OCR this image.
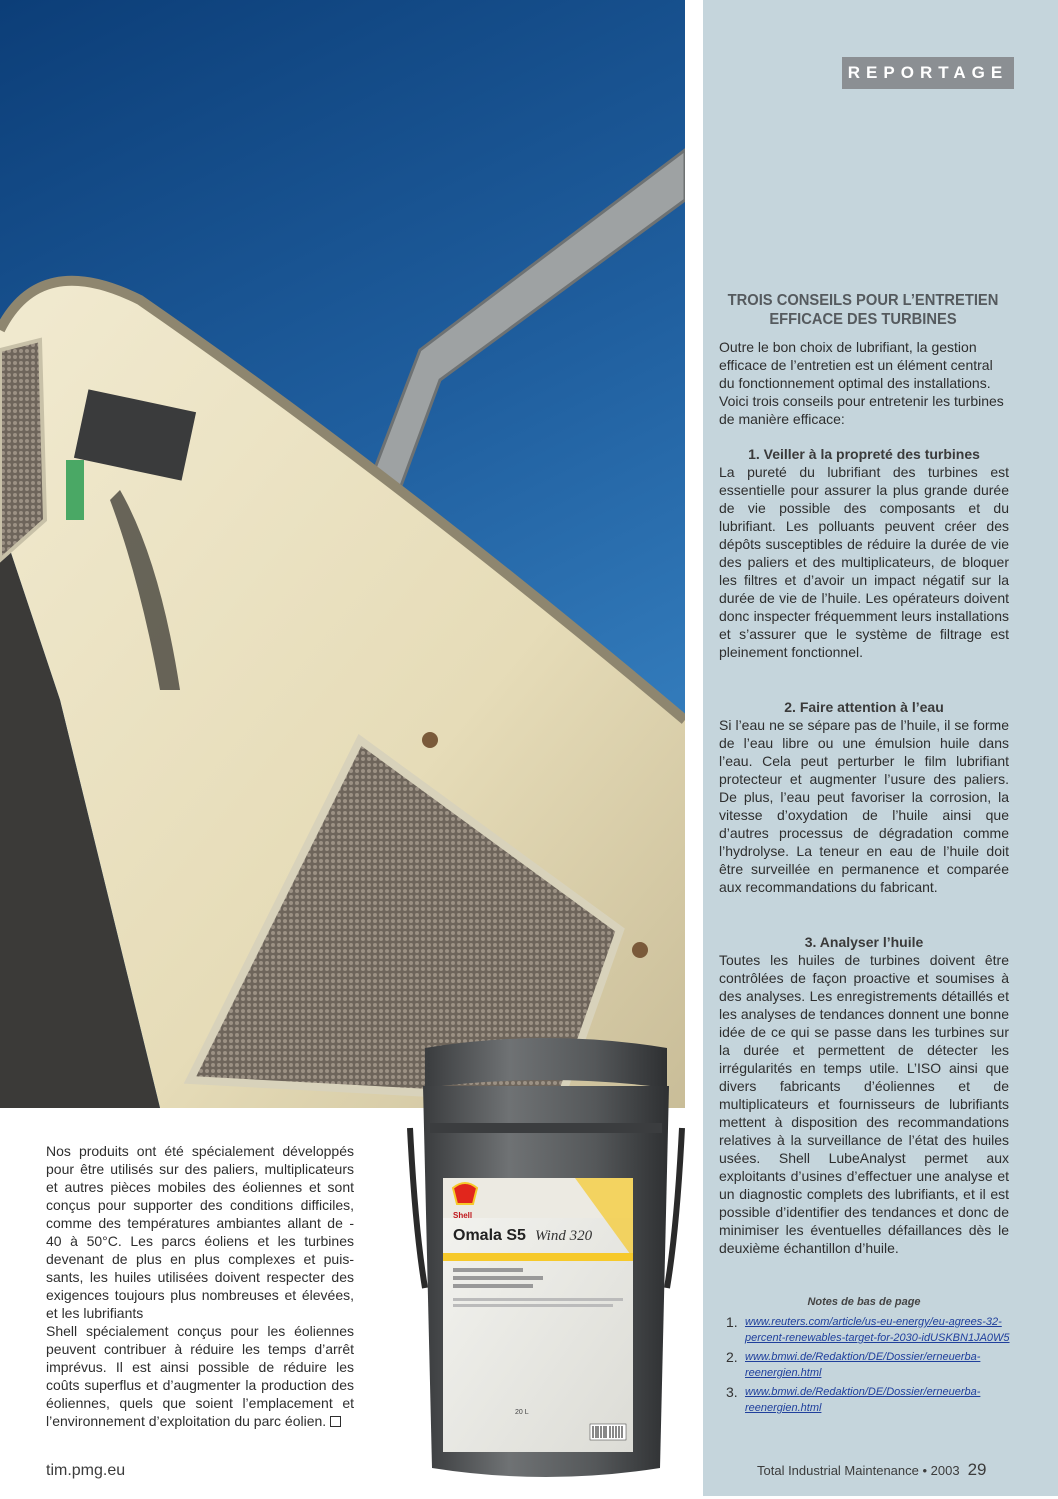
REPORTAGE
TROIS CONSEILS POUR L’ENTRETIEN
EFFICACE DES TURBINES

Outre le bon choix de lubrifiant, la gestion efficace de l’entretien est un élément central du fonctionnement optimal des installations. Voici trois conseils pour entretenir les turbines de manière efficace:

1. Veiller à la propreté des turbines

La pureté du lubrifiant des turbines est essentielle pour assurer la plus grande durée de vie possible des composants et du lubrifiant. Les polluants peuvent créer des dépôts susceptibles de réduire la durée de vie des paliers et des multiplicateurs, de bloquer les filtres et d’avoir un impact négatif sur la durée de vie de l’huile. Les opérateurs doivent donc inspecter fréquemment leurs installations et s’assurer que le système de filtrage est pleinement fonctionnel.

2. Faire attention à l’eau

Si l’eau ne se sépare pas de l’huile, il se forme de l’eau libre ou une émulsion huile dans l’eau. Cela peut perturber le film lubrifiant protecteur et augmenter l’usure des paliers. De plus, l’eau peut favoriser la corrosion, la vitesse d’oxydation de l’huile ainsi que d’autres processus de dégradation comme l’hydrolyse. La teneur en eau de l’huile doit être surveillée en permanence et comparée aux recommandations du fabricant.

3. Analyser l’huile

Toutes les huiles de turbines doivent être contrôlées de façon proactive et soumises à des analyses. Les enregistrements détaillés et les analyses de tendances donnent une bonne idée de ce qui se passe dans les turbines sur la durée et permettent de détecter les irrégularités en temps utile. L’ISO ainsi que divers fabricants d’éoliennes et de multiplicateurs et fournisseurs de lubrifiants mettent à disposition des recommandations relatives à la surveillance de l’état des huiles usées. Shell LubeAnalyst permet aux exploitants d’usines d’effectuer une analyse et un diagnostic complets des lubrifiants, et il est possible d’identifier des tendances et donc de minimiser les éventuelles défaillances dès le deuxième échantillon d’huile.

Notes de bas de page
1. www.reuters.com/article/us-eu-energy/eu-agrees-32-percent-renewables-target-for-2030-idUSKBN1JA0W5
2. www.bmwi.de/Redaktion/DE/Dossier/erneuerba-reenergien.html
3. www.bmwi.de/Redaktion/DE/Dossier/erneuerba-reenergien.html

Nos produits ont été spécialement développés pour être utilisés sur des paliers, multiplicateurs et autres pièces mobiles des éoliennes et sont conçus pour supporter des conditions difficiles, comme des températures ambiantes allant de - 40 à 50°C. Les parcs éoliens et les turbines devenant de plus en plus complexes et puissants, les huiles utilisées doivent respecter des exigences toujours plus nombreuses et élevées, et les lubrifiants

Shell spécialement conçus pour les éoliennes peuvent contribuer à réduire les temps d’arrêt imprévus. Il est ainsi possible de réduire les coûts superflus et d’augmenter la production des éoliennes, quels que soient l’emplacement et l’environnement d’exploitation du parc éolien.

Shell
Omala S5 Wind 320
20 L
tim.pmg.eu	Total Industrial Maintenance • 2003 29
